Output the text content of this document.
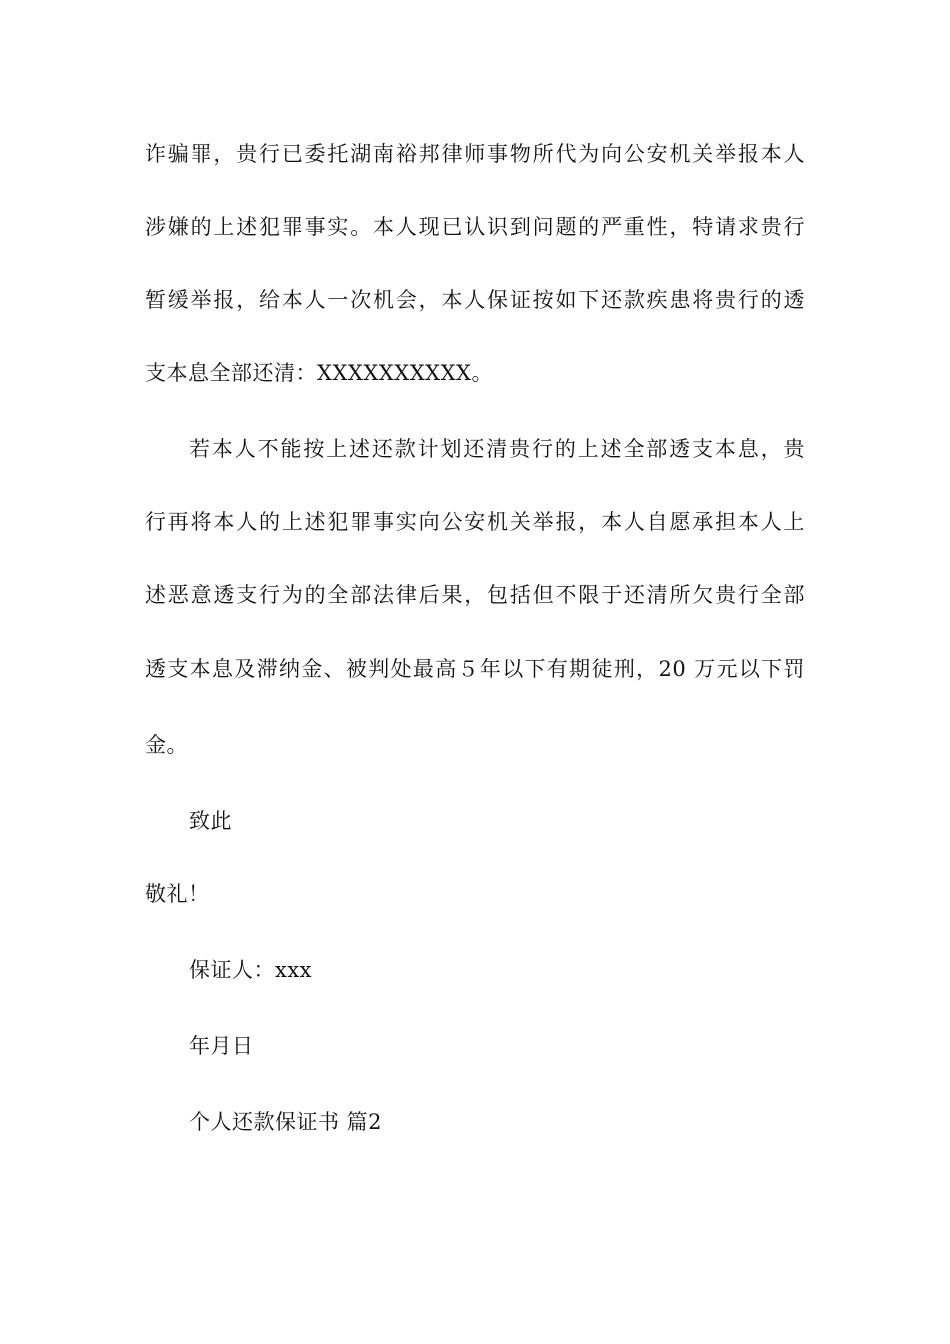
诈骗罪，贵行已委托湖南裕邦律师事物所代为向公安机关举报本人
涉嫌的上述犯罪事实。本人现已认识到问题的严重性，特请求贵行
暂缓举报，给本人一次机会，本人保证按如下还款疾患将贵行的透
支本息全部还清：XXXXXXXXXX。
若本人不能按上述还款计划还清贵行的上述全部透支本息，贵
行再将本人的上述犯罪事实向公安机关举报，本人自愿承担本人上
述恶意透支行为的全部法律后果，包括但不限于还清所欠贵行全部
透支本息及滞纳金、被判处最高５年以下有期徒刑，20 万元以下罚
金。
致此
敬礼！
保证人：xxx
年月日
个人还款保证书 篇2
